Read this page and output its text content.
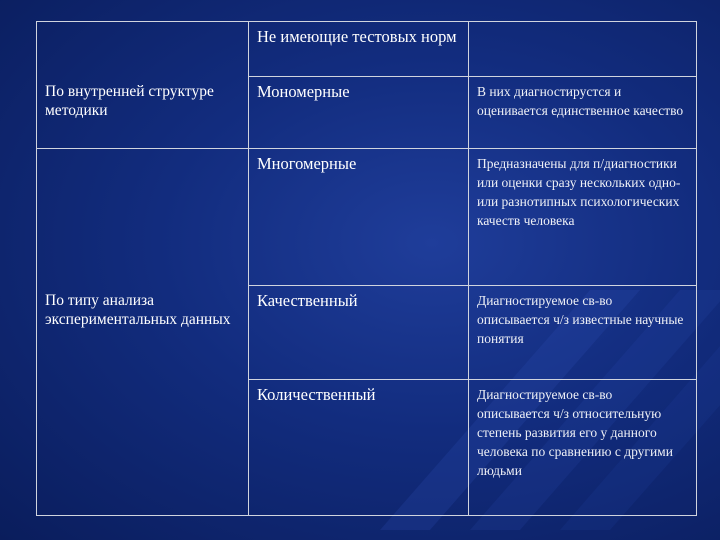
	Не имеющие тестовых норм	
По внутренней структуре методики	Мономерные	В них диагностирустся и оценивается единственное качество
	Многомерные	Предназначены для п/диагностики или оценки сразу нескольких одно- или разнотипных психологических качеств человека
По типу анализа экспериментальных данных	Качественный	Диагностируемое св-во описывается ч/з известные научные понятия
	Количественный	Диагностируемое св-во описывается ч/з относительную степень развития его у данного человека по сравнению с другими людьми
